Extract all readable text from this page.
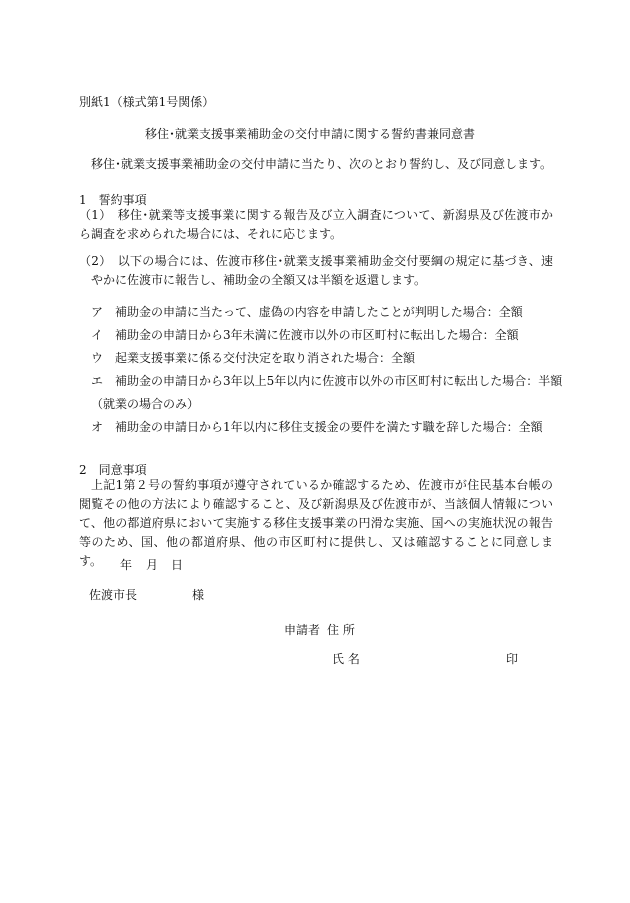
別紙1（様式第1号関係）
移住･就業支援事業補助金の交付申請に関する誓約書兼同意書
移住･就業支援事業補助金の交付申請に当たり、次のとおり誓約し、及び同意します。
1　誓約事項
（1）　移住･就業等支援事業に関する報告及び立入調査について、新潟県及び佐渡市から調査を求められた場合には、それに応じます。
（2）　以下の場合には、佐渡市移住･就業支援事業補助金交付要綱の規定に基づき、速やかに佐渡市に報告し、補助金の全額又は半額を返還します。
ア　補助金の申請に当たって、虚偽の内容を申請したことが判明した場合：全額
イ　補助金の申請日から3年未満に佐渡市以外の市区町村に転出した場合：全額
ウ　起業支援事業に係る交付決定を取り消された場合：全額
エ　補助金の申請日から3年以上5年以内に佐渡市以外の市区町村に転出した場合：半額
（就業の場合のみ）
オ　補助金の申請日から1年以内に移住支援金の要件を満たす職を辞した場合：全額
2　同意事項
上記1第２号の誓約事項が遵守されているか確認するため、佐渡市が住民基本台帳の閲覧その他の方法により確認すること、及び新潟県及び佐渡市が、当該個人情報について、他の都道府県において実施する移住支援事業の円滑な実施、国への実施状況の報告等のため、国、他の都道府県、他の市区町村に提供し、又は確認することに同意します。	年 月 日
佐渡市長	様
申請者 住 所
氏 名	印
